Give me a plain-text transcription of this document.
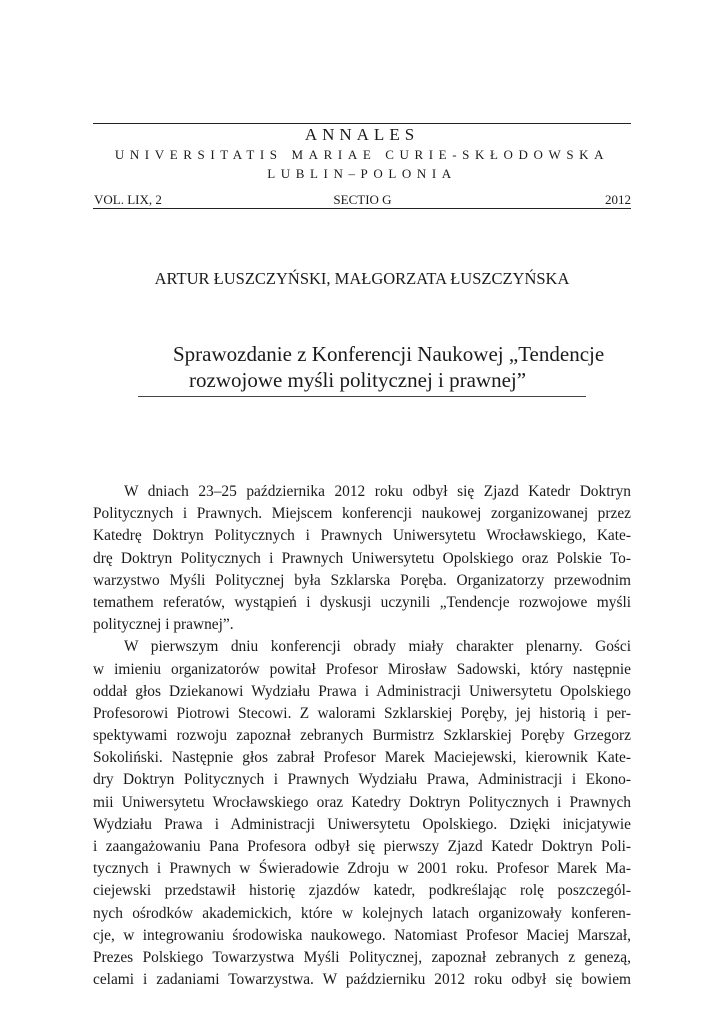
ANNALES
UNIVERSITATIS MARIAE CURIE-SKŁODOWSKA
LUBLIN–POLONIA
VOL. LIX, 2	SECTIO G	2012
ARTUR ŁUSZCZYŃSKI, MAŁGORZATA ŁUSZCZYŃSKA
Sprawozdanie z Konferencji Naukowej „Tendencje
rozwojowe myśli politycznej i prawnej”
W dniach 23–25 października 2012 roku odbył się Zjazd Katedr Doktryn
Politycznych i Prawnych. Miejscem konferencji naukowej zorganizowanej przez
Katedrę Doktryn Politycznych i Prawnych Uniwersytetu Wrocławskiego, Kate-
drę Doktryn Politycznych i Prawnych Uniwersytetu Opolskiego oraz Polskie To-
warzystwo Myśli Politycznej była Szklarska Poręba. Organizatorzy przewodnim
temathem referatów, wystąpień i dyskusji uczynili „Tendencje rozwojowe myśli
politycznej i prawnej”.
W pierwszym dniu konferencji obrady miały charakter plenarny. Gości
w imieniu organizatorów powitał Profesor Mirosław Sadowski, który następnie
oddał głos Dziekanowi Wydziału Prawa i Administracji Uniwersytetu Opolskiego
Profesorowi Piotrowi Stecowi. Z walorami Szklarskiej Poręby, jej historią i per-
spektywami rozwoju zapoznał zebranych Burmistrz Szklarskiej Poręby Grzegorz
Sokoliński. Następnie głos zabrał Profesor Marek Maciejewski, kierownik Kate-
dry Doktryn Politycznych i Prawnych Wydziału Prawa, Administracji i Ekono-
mii Uniwersytetu Wrocławskiego oraz Katedry Doktryn Politycznych i Prawnych
Wydziału Prawa i Administracji Uniwersytetu Opolskiego. Dzięki inicjatywie
i zaangażowaniu Pana Profesora odbył się pierwszy Zjazd Katedr Doktryn Poli-
tycznych i Prawnych w Świeradowie Zdroju w 2001 roku. Profesor Marek Ma-
ciejewski przedstawił historię zjazdów katedr, podkreślając rolę poszczegól-
nych ośrodków akademickich, które w kolejnych latach organizowały konferen-
cje, w integrowaniu środowiska naukowego. Natomiast Profesor Maciej Marszał,
Prezes Polskiego Towarzystwa Myśli Politycznej, zapoznał zebranych z genezą,
celami i zadaniami Towarzystwa. W październiku 2012 roku odbył się bowiem
